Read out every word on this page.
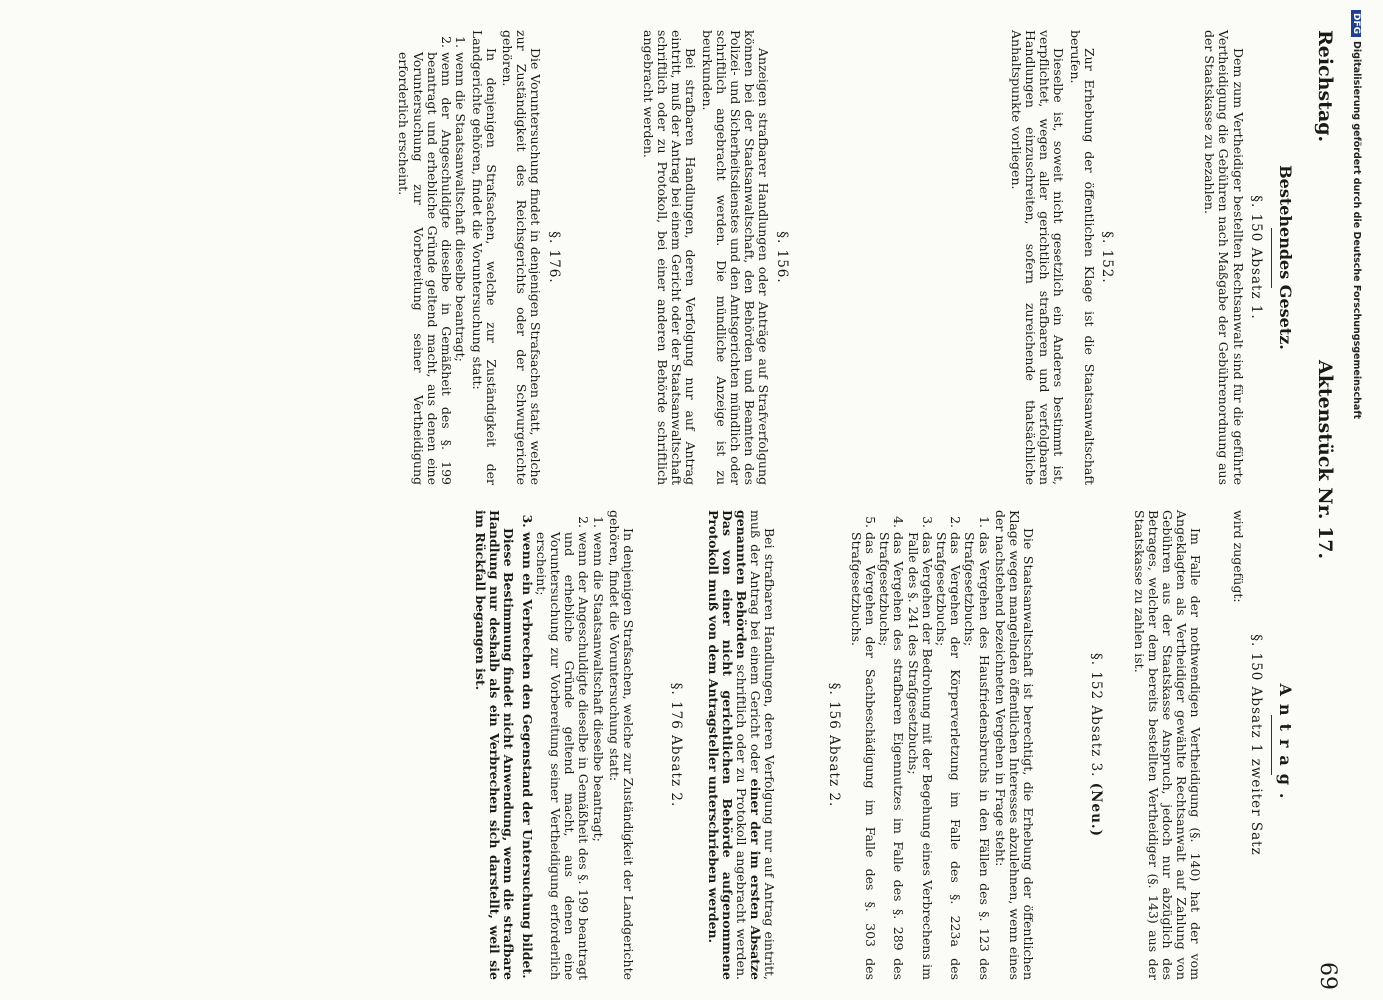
Reichstag.
Aktenstück Nr. 17.
69
Bestehendes Gesetz.
§. 150 Absatz 1.

Dem zum Vertheidiger bestellten Rechtsanwalt sind für die geführte Vertheidigung die Gebühren nach Maßgabe der Gebührenordnung aus der Staatskasse zu bezahlen.

§. 152.

Zur Erhebung der öffentlichen Klage ist die Staatsanwaltschaft berufen.

Dieselbe ist, soweit nicht gesetzlich ein Anderes bestimmt ist, verpflichtet, wegen aller gerichtlich strafbaren und verfolgbaren Handlungen einzuschreiten, sofern zureichende thatsächliche Anhaltspunkte vorliegen.

§. 156.

Anzeigen strafbarer Handlungen oder Anträge auf Strafverfolgung können bei der Staatsanwaltschaft, den Behörden und Beamten des Polizei- und Sicherheitsdienstes und den Amtsgerichten mündlich oder schriftlich angebracht werden. Die mündliche Anzeige ist zu beurkunden.

Bei strafbaren Handlungen, deren Verfolgung nur auf Antrag eintritt, muß der Antrag bei einem Gericht oder der Staatsanwaltschaft schriftlich oder zu Protokoll, bei einer anderen Behörde schriftlich angebracht werden.

§. 176.

Die Voruntersuchung findet in denjenigen Strafsachen statt, welche zur Zuständigkeit des Reichsgerichts oder der Schwurgerichte gehören.

In denjenigen Strafsachen, welche zur Zuständigkeit der Landgerichte gehören, findet die Voruntersuchung statt:

1. wenn die Staatsanwaltschaft dieselbe beantragt;
2. wenn der Angeschuldigte dieselbe in Gemäßheit des §. 199 beantragt und erhebliche Gründe geltend macht, aus denen eine Voruntersuchung zur Vorbereitung seiner Vertheidigung erforderlich erscheint.
Antrag.
§. 150 Absatz 1 zweiter Satz

wird zugefügt:

Im Falle der nothwendigen Vertheidigung (§. 140) hat der vom Angeklagten als Vertheidiger gewählte Rechtsanwalt auf Zahlung von Gebühren aus der Staatskasse Anspruch, jedoch nur abzüglich des Betrages, welcher dem bereits bestellten Vertheidiger (§. 143) aus der Staatskasse zu zahlen ist.

§. 152 Absatz 3. (Neu.)

Die Staatsanwaltschaft ist berechtigt, die Erhebung der öffentlichen Klage wegen mangelnden öffentlichen Interesses abzulehnen, wenn eines der nachstehend bezeichneten Vergehen in Frage steht:

1. das Vergehen des Hausfriedensbruchs in den Fällen des §. 123 des Strafgesetzbuchs;
2. das Vergehen der Körperverletzung im Falle des §. 223a des Strafgesetzbuchs;
3. das Vergehen der Bedrohung mit der Begehung eines Verbrechens im Falle des §. 241 des Strafgesetzbuchs;
4. das Vergehen des strafbaren Eigennutzes im Falle des §. 289 des Strafgesetzbuchs;
5. das Vergehen der Sachbeschädigung im Falle des §. 303 des Strafgesetzbuchs.
§. 156 Absatz 2.

Bei strafbaren Handlungen, deren Verfolgung nur auf Antrag eintritt, muß der Antrag bei einem Gericht oder einer der im ersten Absatze genannten Behörden schriftlich oder zu Protokoll angebracht werden. Das von einer nicht gerichtlichen Behörde aufgenommene Protokoll muß von dem Antragsteller unterschrieben werden.

§. 176 Absatz 2.

In denjenigen Strafsachen, welche zur Zuständigkeit der Landgerichte gehören, findet die Voruntersuchung statt:

1. wenn die Staatsanwaltschaft dieselbe beantragt;
2. wenn der Angeschuldigte dieselbe in Gemäßheit des §. 199 beantragt und erhebliche Gründe geltend macht, aus denen eine Voruntersuchung zur Vorbereitung seiner Vertheidigung erforderlich erscheint;
3. wenn ein Verbrechen den Gegenstand der Untersuchung bildet.

Diese Bestimmung findet nicht Anwendung, wenn die strafbare Handlung nur deshalb als ein Verbrechen sich darstellt, weil sie im Rückfall begangen ist.

DFGDigitalisierung gefördert durch die Deutsche Forschungsgemeinschaft
